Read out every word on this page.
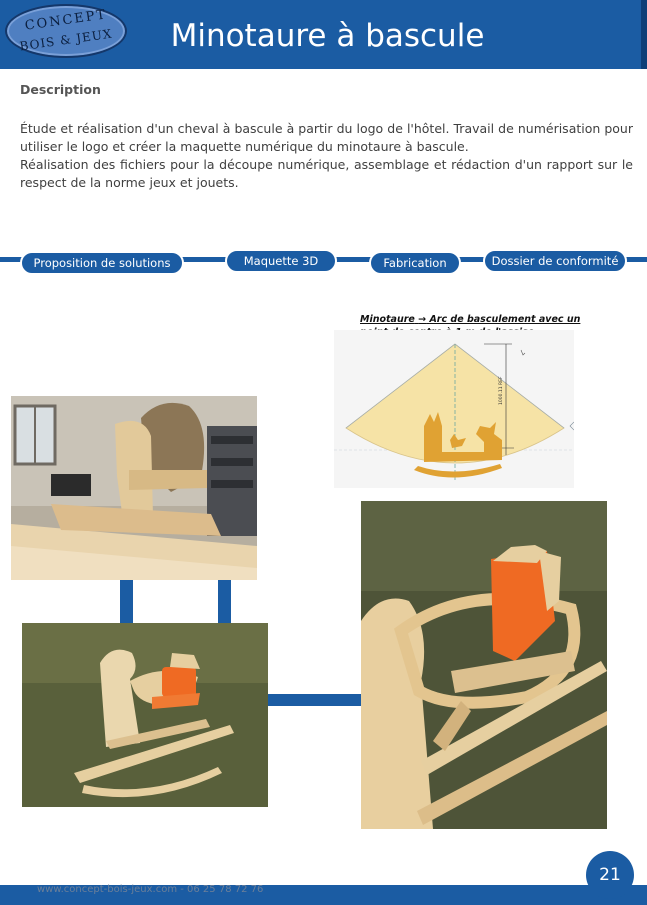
CONCEPT
BOIS & JEUX	Minotaure à bascule
Description
Étude et réalisation d'un cheval à bascule à partir du logo de l'hôtel. Travail de numérisation pour utiliser le logo et créer la maquette numérique du minotaure à bascule.
Réalisation des fichiers pour la découpe numérique, assemblage et rédaction d'un rapport sur le respect de la norme jeux et jouets.
Proposition de solutions	Maquette 3D	Fabrication	Dossier de conformité
Minotaure → Arc de basculement avec un
1000.11 REF
www.concept-bois-jeux.com - 06 25 78 72 76
21
